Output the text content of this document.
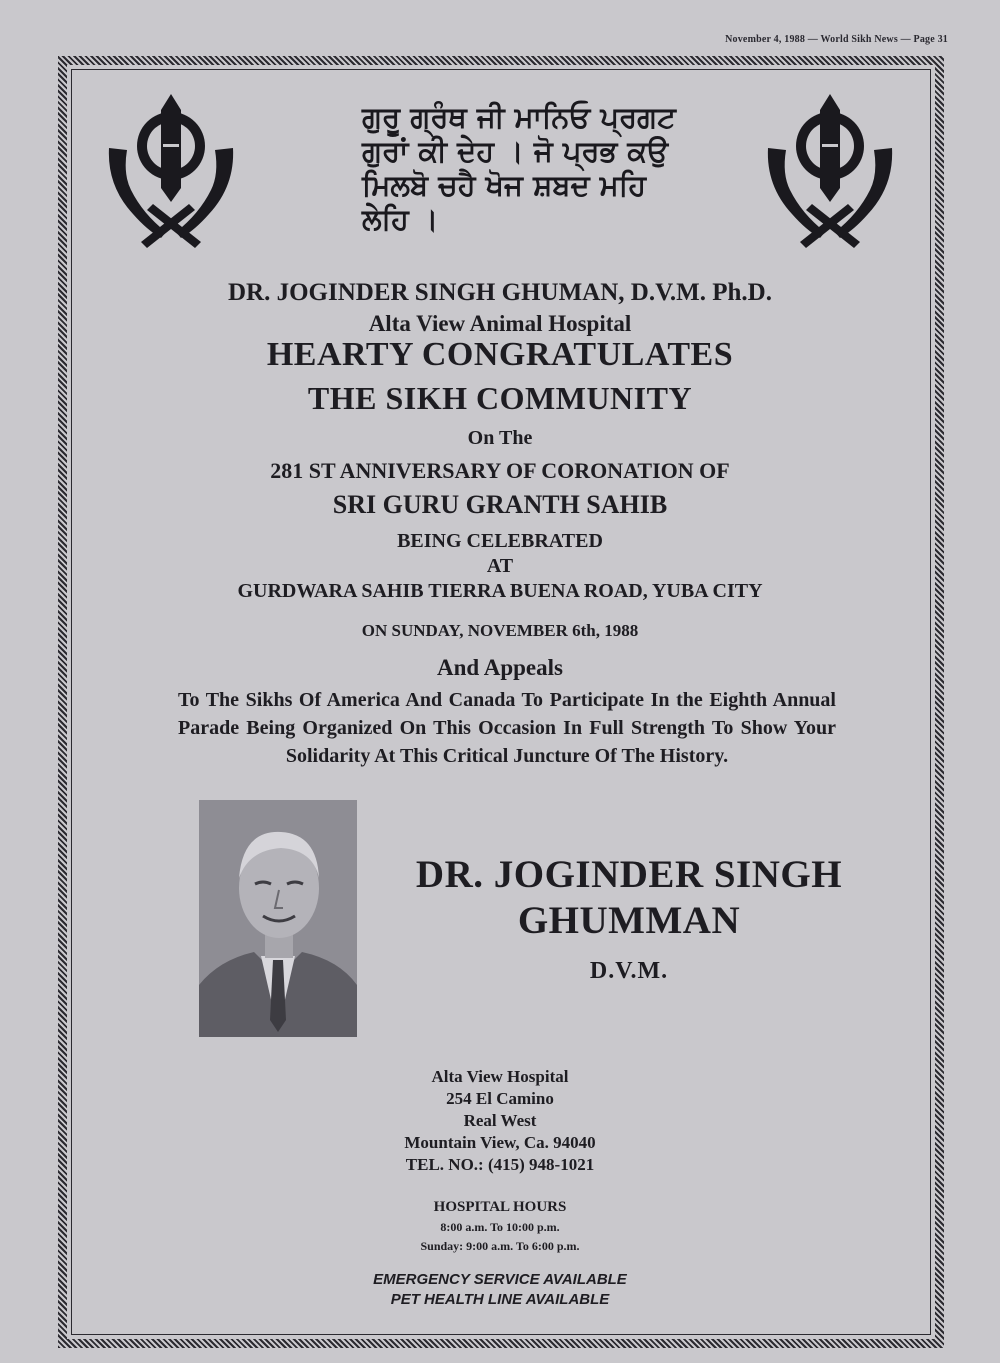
November 4, 1988 — World Sikh News — Page 31
ਗੁਰੂ ਗ੍ਰੰਥ ਜੀ ਮਾਨਿਓ ਪ੍ਰਗਟ
ਗੁਰਾਂ ਕੀ ਦੇਹ । ਜੋ ਪ੍ਰਭ ਕਉ
ਮਿਲਬੋ ਚਹੈ ਖੋਜ ਸ਼ਬਦ ਮਹਿ
ਲੇਹਿ ।
DR. JOGINDER SINGH GHUMAN, D.V.M. Ph.D.
Alta View Animal Hospital
HEARTY CONGRATULATES
THE SIKH COMMUNITY
On The
281 ST ANNIVERSARY OF CORONATION OF
SRI GURU GRANTH SAHIB
BEING CELEBRATED
AT
GURDWARA SAHIB TIERRA BUENA ROAD, YUBA CITY
ON SUNDAY, NOVEMBER 6th, 1988
And Appeals
To The Sikhs Of America And Canada To Participate In the Eighth Annual Parade Being Organized On This Occasion In Full Strength To Show Your Solidarity At This Critical Juncture Of The History.
DR. JOGINDER SINGH
GHUMMAN
D.V.M.
Alta View Hospital
254 El Camino
Real West
Mountain View, Ca. 94040
TEL. NO.: (415) 948-1021
HOSPITAL HOURS
8:00 a.m. To 10:00 p.m.
Sunday: 9:00 a.m. To 6:00 p.m.
EMERGENCY SERVICE AVAILABLE
PET HEALTH LINE AVAILABLE
